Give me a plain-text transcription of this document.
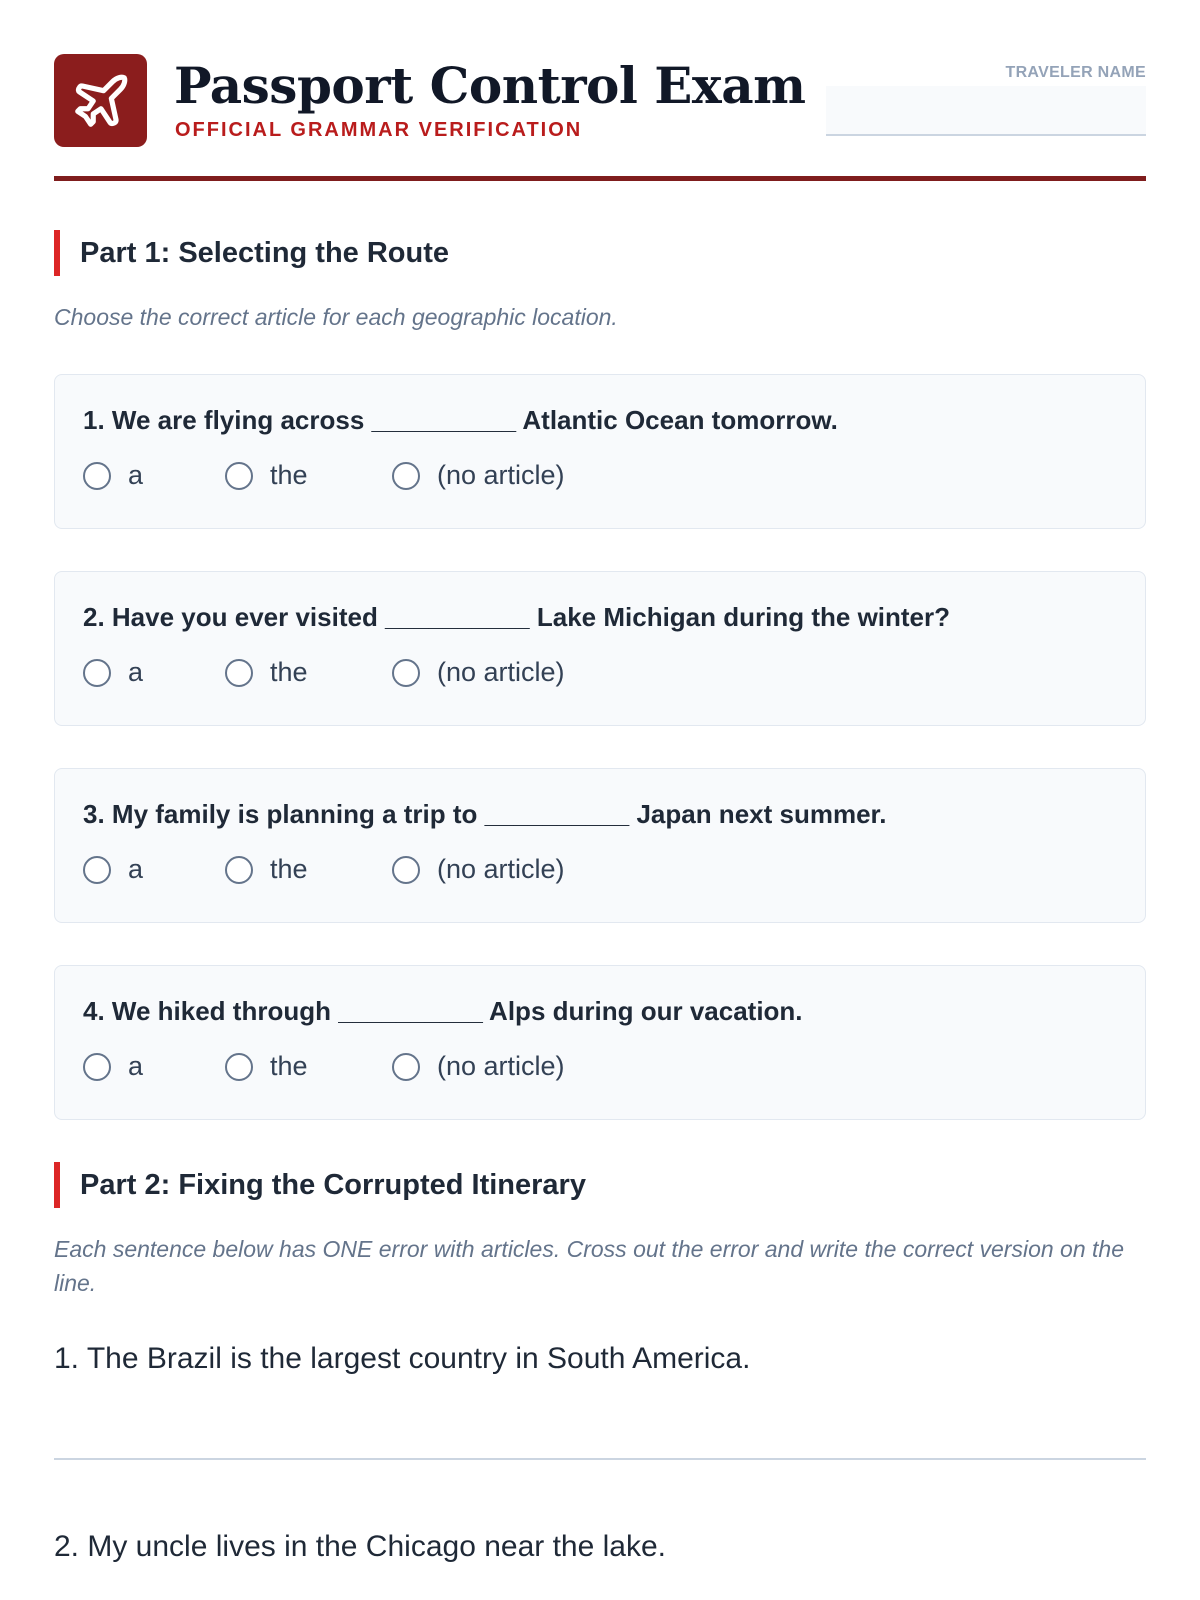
Passport Control Exam
OFFICIAL GRAMMAR VERIFICATION
TRAVELER NAME
Part 1: Selecting the Route
Choose the correct article for each geographic location.
1. We are flying across __________ Atlantic Ocean tomorrow.
a	the	(no article)
2. Have you ever visited __________ Lake Michigan during the winter?
a	the	(no article)
3. My family is planning a trip to __________ Japan next summer.
a	the	(no article)
4. We hiked through __________ Alps during our vacation.
a	the	(no article)
Part 2: Fixing the Corrupted Itinerary
Each sentence below has ONE error with articles. Cross out the error and write the correct version on the line.
1. The Brazil is the largest country in South America.
2. My uncle lives in the Chicago near the lake.
